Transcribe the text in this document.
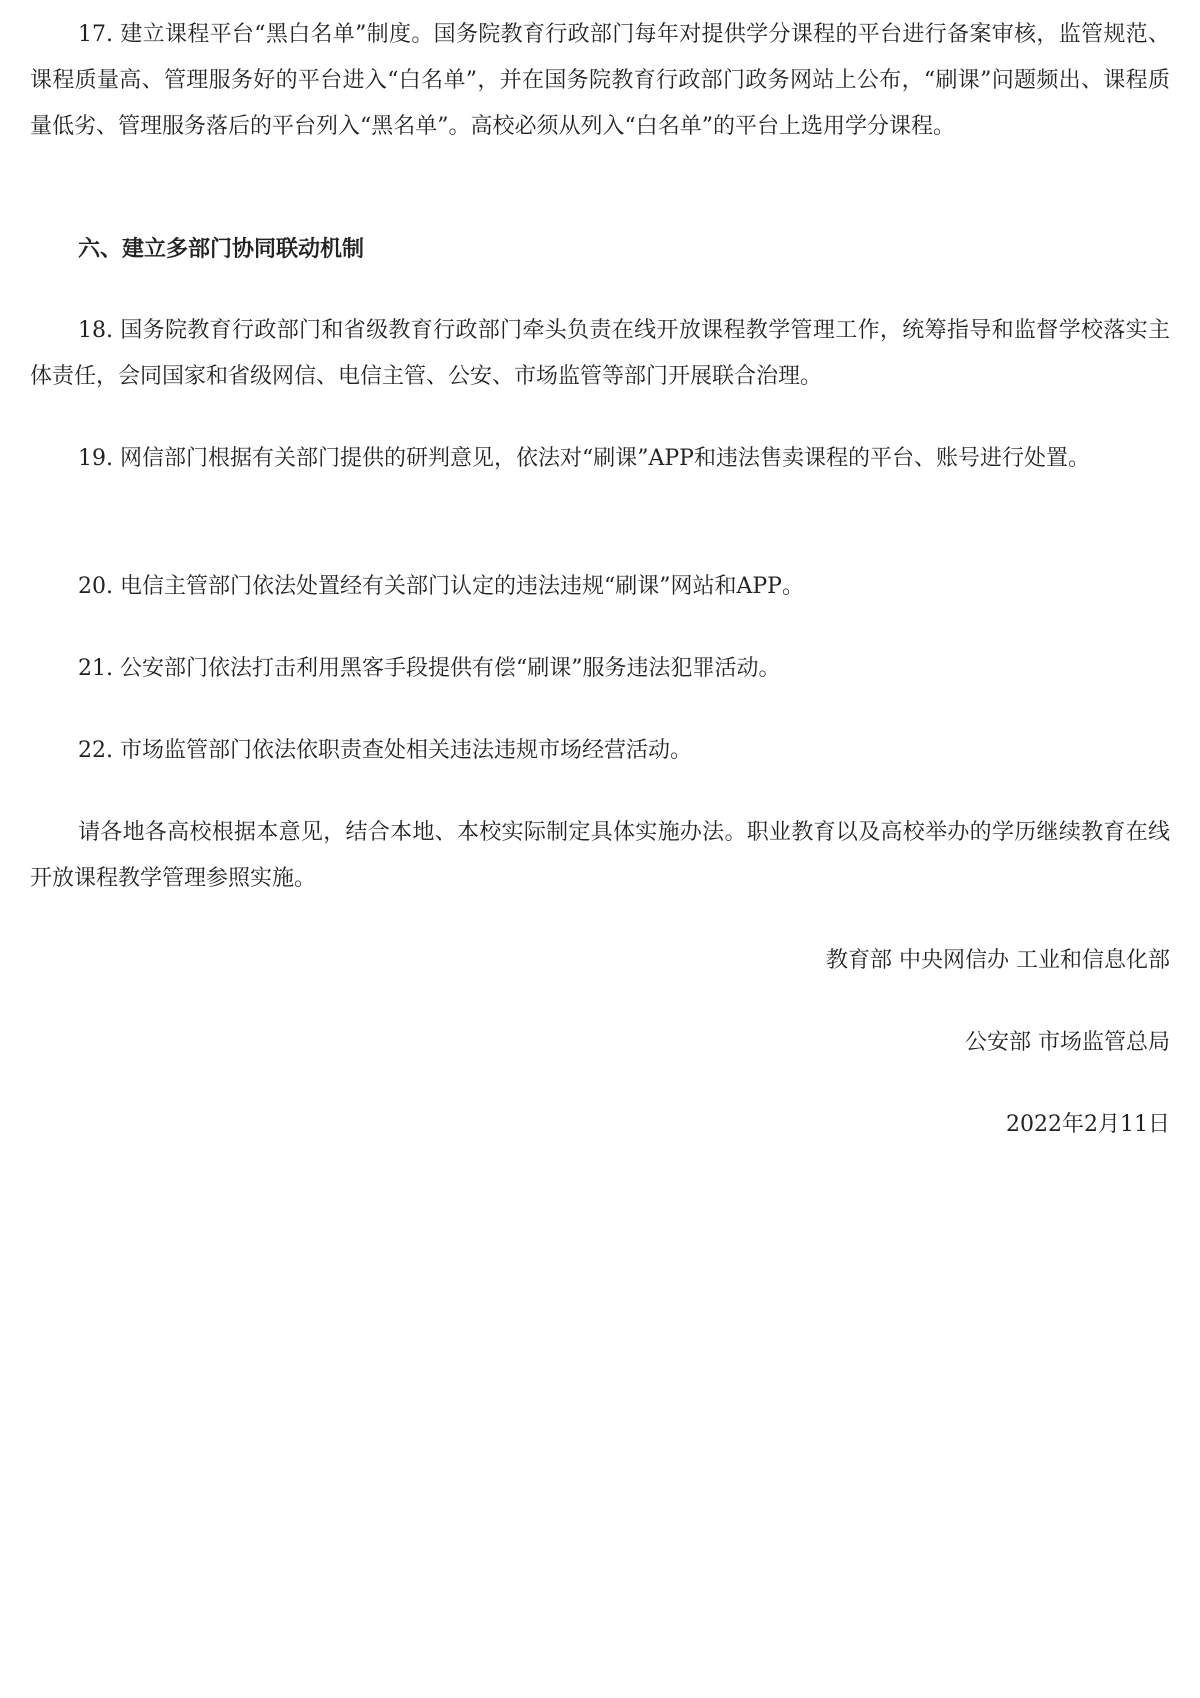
17. 建立课程平台“黑白名单”制度。国务院教育行政部门每年对提供学分课程的平台进行备案审核，监管规范、课程质量高、管理服务好的平台进入“白名单”，并在国务院教育行政部门政务网站上公布，“刷课”问题频出、课程质量低劣、管理服务落后的平台列入“黑名单”。高校必须从列入“白名单”的平台上选用学分课程。

六、建立多部门协同联动机制

18. 国务院教育行政部门和省级教育行政部门牵头负责在线开放课程教学管理工作，统筹指导和监督学校落实主体责任，会同国家和省级网信、电信主管、公安、市场监管等部门开展联合治理。

19. 网信部门根据有关部门提供的研判意见，依法对“刷课”APP和违法售卖课程的平台、账号进行处置。

20. 电信主管部门依法处置经有关部门认定的违法违规“刷课”网站和APP。

21. 公安部门依法打击利用黑客手段提供有偿“刷课”服务违法犯罪活动。

22. 市场监管部门依法依职责查处相关违法违规市场经营活动。

请各地各高校根据本意见，结合本地、本校实际制定具体实施办法。职业教育以及高校举办的学历继续教育在线开放课程教学管理参照实施。

教育部 中央网信办 工业和信息化部

公安部 市场监管总局

2022年2月11日
